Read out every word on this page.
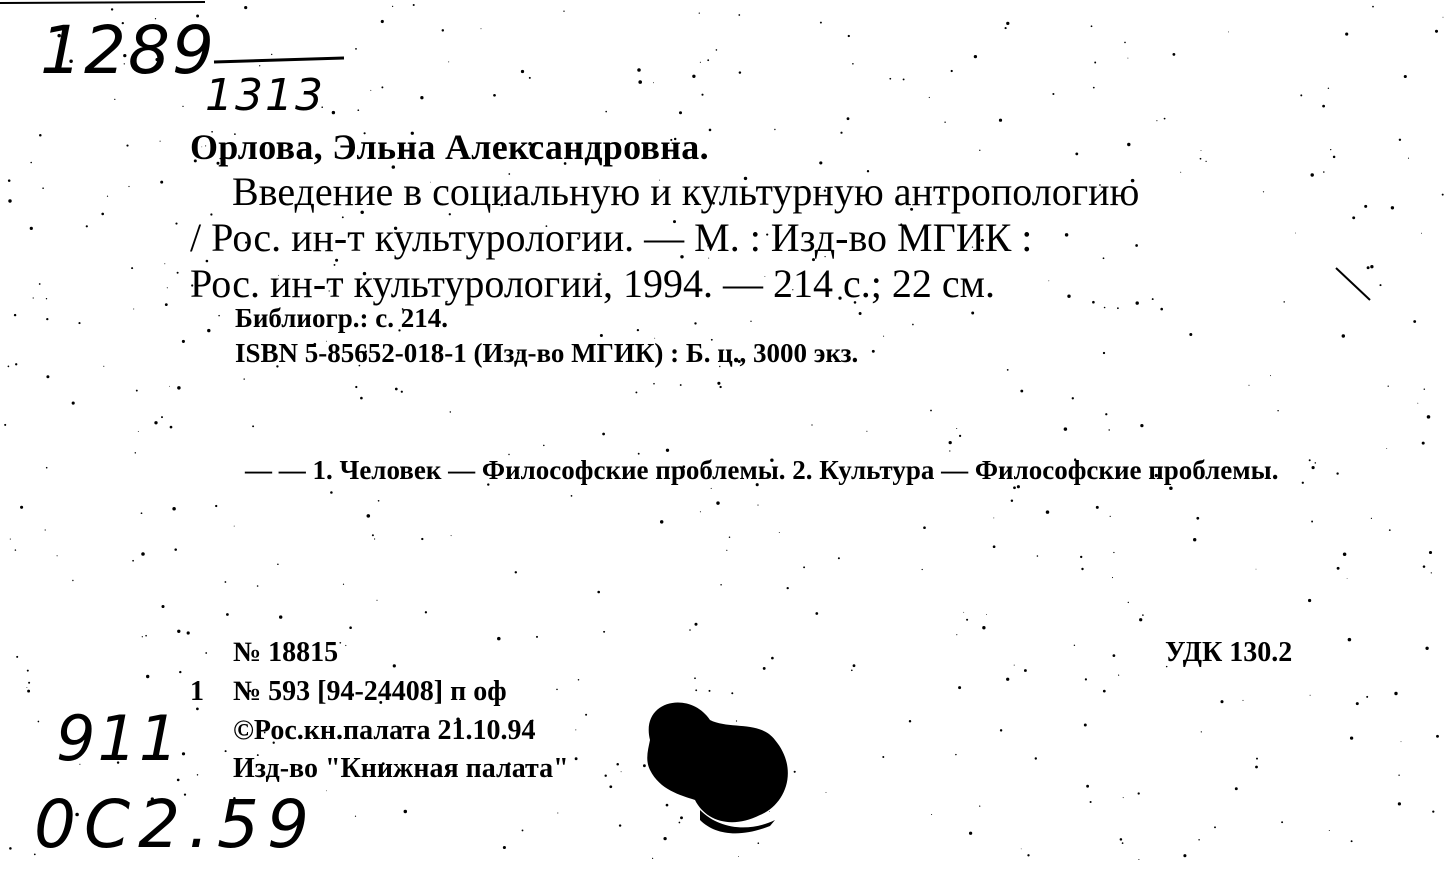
1289
1313

Орлова, Эльна Александровна.

Введение в социальную и культурную антропологию

/ Рос. ин-т культурологии. — М. : Изд-во МГИК :

Рос. ин-т культурологии, 1994. — 214 с.; 22 см.

Библиогр.: с. 214.

ISBN 5-85652-018-1 (Изд-во МГИК) : Б. ц., 3000 экз.

— — 1. Человек — Философские проблемы. 2. Культура — Философские проблемы.

№ 18815

1 № 593 [94-24408] п оф

©Рос.кн.палата 21.10.94

Изд-во "Книжная палата"

УДК 130.2

911
0С2.59
